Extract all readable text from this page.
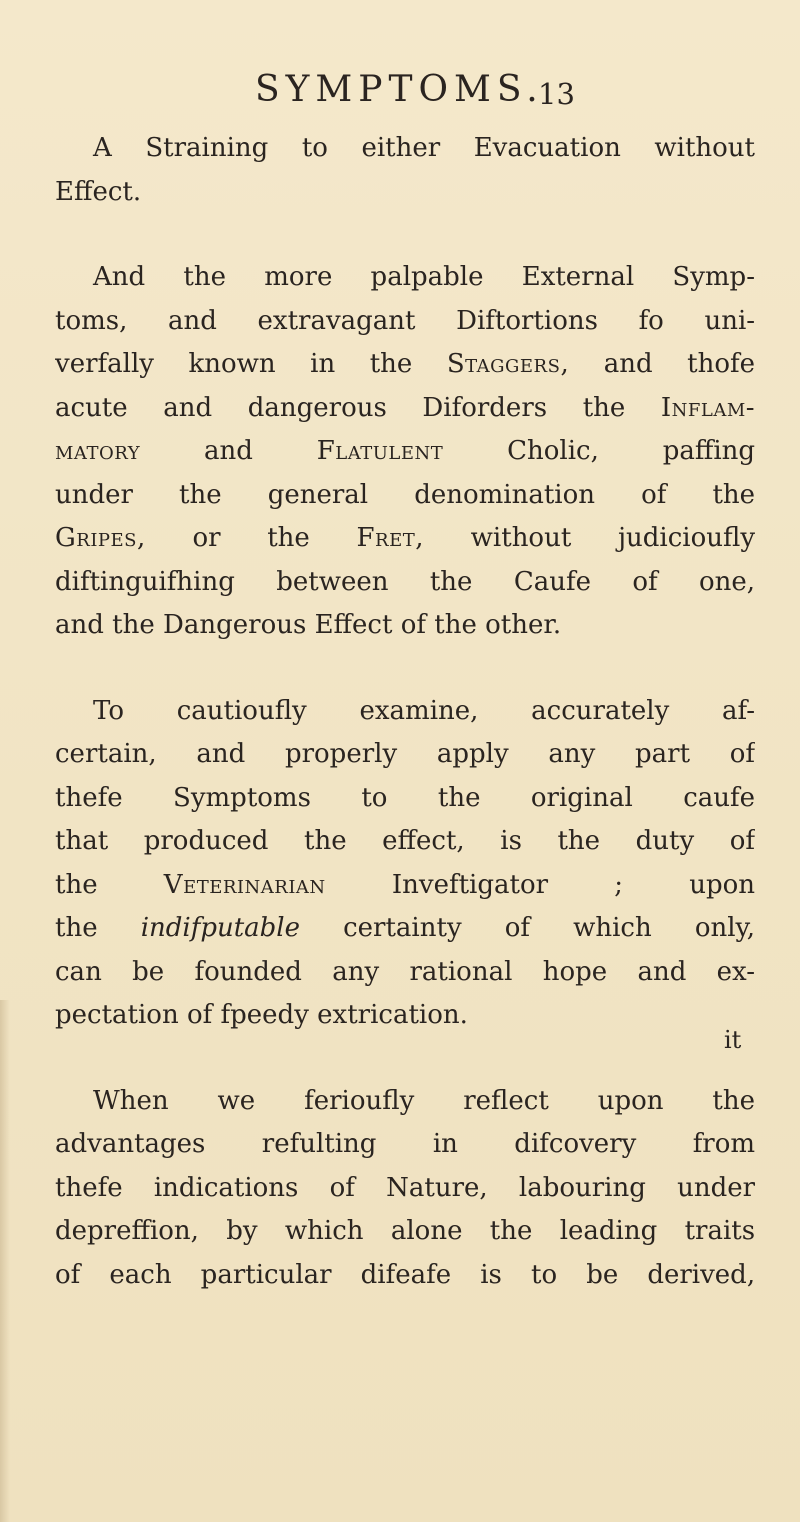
SYMPTOMS.
13
A Straining to either Evacuation without
Effect.
And the more palpable External Symp-
toms, and extravagant Diftortions fo uni-
verfally known in the Staggers, and thofe
acute and dangerous Diforders the Inflam-
matory and Flatulent Cholic, paffing
under the general denomination of the
Gripes, or the Fret, without judicioufly
diftinguifhing between the Caufe of one,
and the Dangerous Effect of the other.
To cautioufly examine, accurately af-
certain, and properly apply any part of
thefe Symptoms to the original caufe
that produced the effect, is the duty of
the	Veterinarian	Inveftigator	;	upon
the indifputable certainty of which only,
can be founded any rational hope and ex-
pectation of fpeedy extrication.
When we ferioufly reflect upon the
advantages refulting in difcovery from
thefe indications of Nature, labouring under
depreffion, by which alone the leading traits
of each particular difeafe is to be derived,
it
